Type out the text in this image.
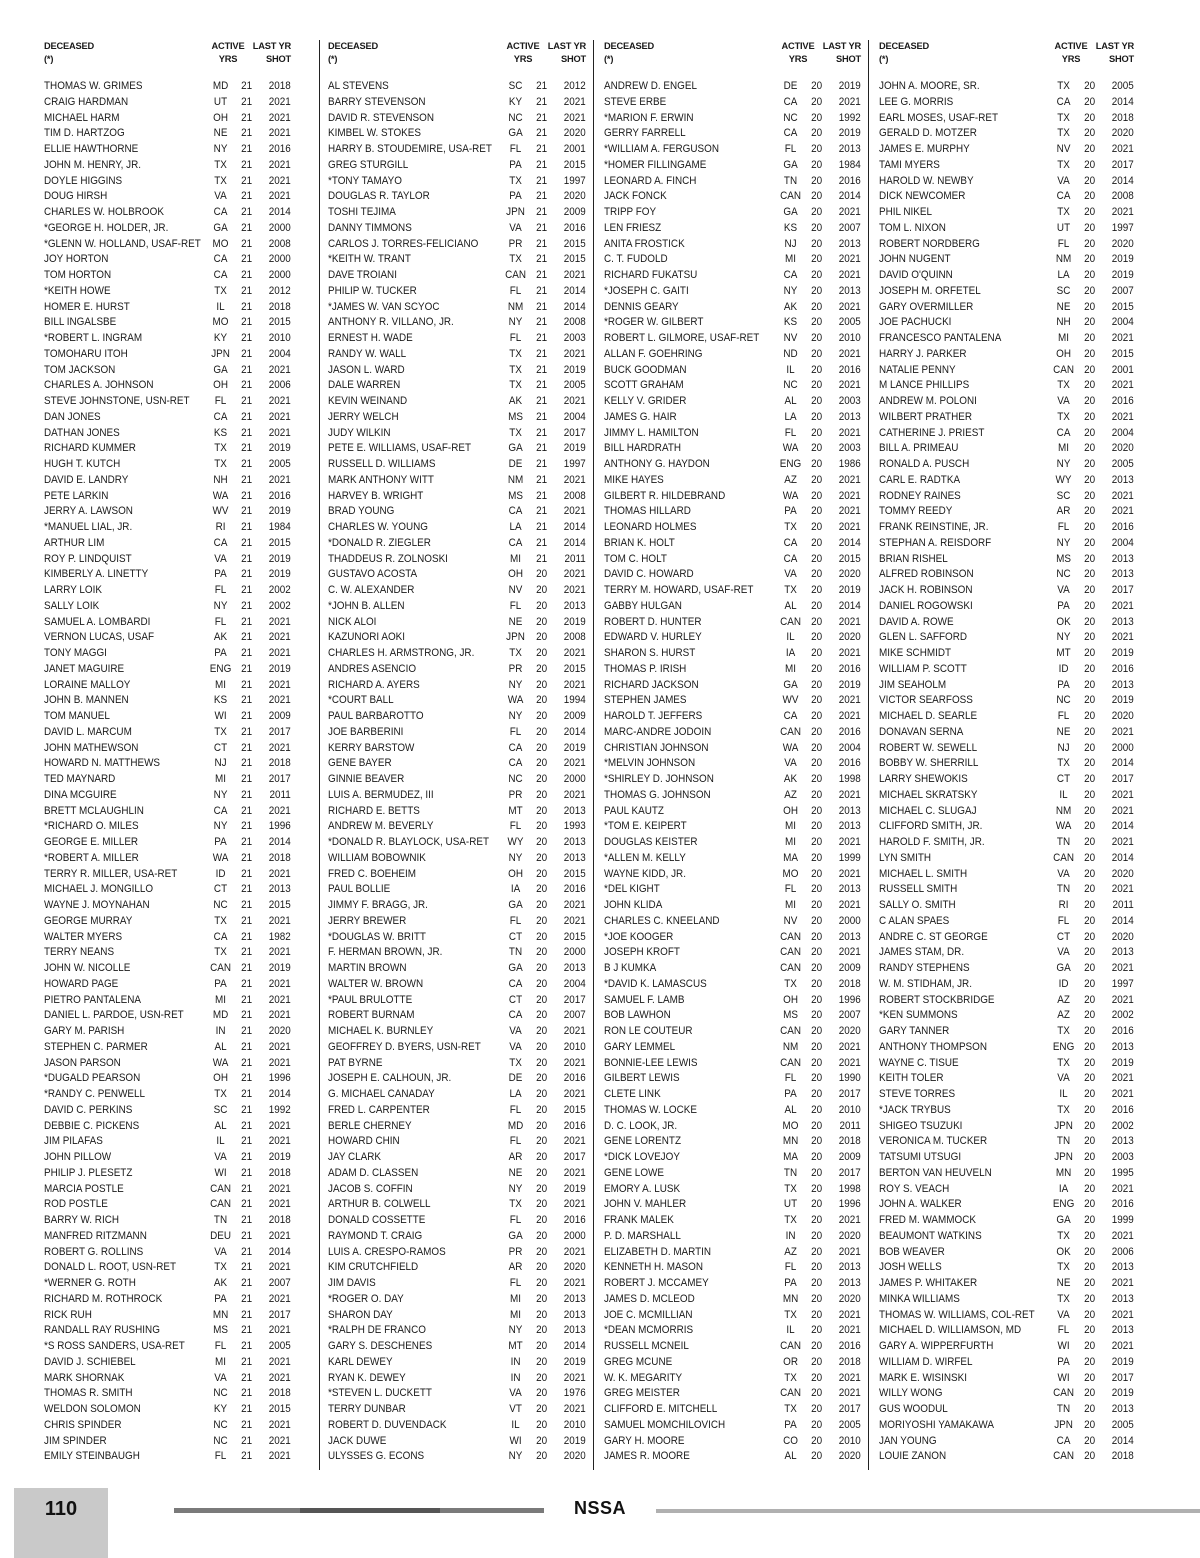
DECEASED
(*)
ACTIVE
YRS
LAST YR
SHOT
THOMAS W. GRIMES	MD	21	2018
CRAIG HARDMAN	UT	21	2021
MICHAEL HARM	OH	21	2021
TIM D. HARTZOG	NE	21	2021
ELLIE HAWTHORNE	NY	21	2016
JOHN M. HENRY, JR.	TX	21	2021
DOYLE HIGGINS	TX	21	2021
DOUG HIRSH	VA	21	2021
CHARLES W. HOLBROOK	CA	21	2014
*GEORGE H. HOLDER, JR.	GA	21	2000
*GLENN W. HOLLAND, USAF-RET	MO	21	2008
JOY HORTON	CA	21	2000
TOM HORTON	CA	21	2000
*KEITH HOWE	TX	21	2012
HOMER E. HURST	IL	21	2018
BILL INGALSBE	MO	21	2015
*ROBERT L. INGRAM	KY	21	2010
TOMOHARU ITOH	JPN	21	2004
TOM JACKSON	GA	21	2021
CHARLES A. JOHNSON	OH	21	2006
STEVE JOHNSTONE, USN-RET	FL	21	2021
DAN JONES	CA	21	2021
DATHAN JONES	KS	21	2021
RICHARD KUMMER	TX	21	2019
HUGH T. KUTCH	TX	21	2005
DAVID E. LANDRY	NH	21	2021
PETE LARKIN	WA	21	2016
JERRY A. LAWSON	WV	21	2019
*MANUEL LIAL, JR.	RI	21	1984
ARTHUR LIM	CA	21	2015
ROY P. LINDQUIST	VA	21	2019
KIMBERLY A. LINETTY	PA	21	2019
LARRY LOIK	FL	21	2002
SALLY LOIK	NY	21	2002
SAMUEL A. LOMBARDI	FL	21	2021
VERNON LUCAS, USAF	AK	21	2021
TONY MAGGI	PA	21	2021
JANET MAGUIRE	ENG 21	2019
LORAINE MALLOY	MI	21	2021
JOHN B. MANNEN	KS	21	2021
TOM MANUEL	WI	21	2009
DAVID L. MARCUM	TX	21	2017
JOHN MATHEWSON	CT	21	2021
HOWARD N. MATTHEWS	NJ	21	2018
TED MAYNARD	MI	21	2017
DINA MCGUIRE	NY	21	2011
BRETT MCLAUGHLIN	CA	21	2021
*RICHARD O. MILES	NY	21	1996
GEORGE E. MILLER	PA	21	2014
*ROBERT A. MILLER	WA	21	2018
TERRY R. MILLER, USA-RET	ID	21	2021
MICHAEL J. MONGILLO	CT	21	2013
WAYNE J. MOYNAHAN	NC	21	2015
GEORGE MURRAY	TX	21	2021
WALTER MYERS	CA	21	1982
TERRY NEANS	TX	21	2021
JOHN W. NICOLLE	CAN 21	2019
HOWARD PAGE	PA	21	2021
PIETRO PANTALENA	MI	21	2021
DANIEL L. PARDOE, USN-RET	MD	21	2021
GARY M. PARISH	IN	21	2020
STEPHEN C. PARMER	AL	21	2021
JASON PARSON	WA	21	2021
*DUGALD PEARSON	OH	21	1996
*RANDY C. PENWELL	TX	21	2014
DAVID C. PERKINS	SC	21	1992
DEBBIE C. PICKENS	AL	21	2021
JIM PILAFAS	IL	21	2021
JOHN PILLOW	VA	21	2019
PHILIP J. PLESETZ	WI	21	2018
MARCIA POSTLE	CAN 21	2021
ROD POSTLE	CAN 21	2021
BARRY W. RICH	TN	21	2018
MANFRED RITZMANN	DEU 21	2021
ROBERT G. ROLLINS	VA	21	2014
DONALD L. ROOT, USN-RET	TX	21	2021
*WERNER G. ROTH	AK	21	2007
RICHARD M. ROTHROCK	PA	21	2021
RICK RUH	MN	21	2017
RANDALL RAY RUSHING	MS	21	2021
*S ROSS SANDERS, USA-RET	FL	21	2005
DAVID J. SCHIEBEL	MI	21	2021
MARK SHORNAK	VA	21	2021
THOMAS R. SMITH	NC	21	2018
WELDON SOLOMON	KY	21	2015
CHRIS SPINDER	NC	21	2021
JIM SPINDER	NC	21	2021
EMILY STEINBAUGH	FL	21	2021
DECEASED
(*)
ACTIVE
YRS
LAST YR
SHOT
AL STEVENS	SC	21	2012
BARRY STEVENSON	KY	21	2021
DAVID R. STEVENSON	NC	21	2021
KIMBEL W. STOKES	GA	21	2020
HARRY B. STOUDEMIRE, USA-RET	FL	21	2001
GREG STURGILL	PA	21	2015
*TONY TAMAYO	TX	21	1997
DOUGLAS R. TAYLOR	PA	21	2020
TOSHI TEJIMA	JPN	21	2009
DANNY TIMMONS	VA	21	2016
CARLOS J. TORRES-FELICIANO	PR	21	2015
*KEITH W. TRANT	TX	21	2015
DAVE TROIANI	CAN 21	2021
PHILIP W. TUCKER	FL	21	2014
*JAMES W. VAN SCYOC	NM	21	2014
ANTHONY R. VILLANO, JR.	NY	21	2008
ERNEST H. WADE	FL	21	2003
RANDY W. WALL	TX	21	2021
JASON L. WARD	TX	21	2019
DALE WARREN	TX	21	2005
KEVIN WEINAND	AK	21	2021
JERRY WELCH	MS	21	2004
JUDY WILKIN	TX	21	2017
PETE E. WILLIAMS, USAF-RET	GA	21	2019
RUSSELL D. WILLIAMS	DE	21	1997
MARK ANTHONY WITT	NM	21	2021
HARVEY B. WRIGHT	MS	21	2008
BRAD YOUNG	CA	21	2021
CHARLES W. YOUNG	LA	21	2014
*DONALD R. ZIEGLER	CA	21	2014
THADDEUS R. ZOLNOSKI	MI	21	2011
GUSTAVO ACOSTA	OH	20	2021
C. W. ALEXANDER	NV	20	2021
*JOHN B. ALLEN	FL	20	2013
NICK ALOI	NE	20	2019
KAZUNORI AOKI	JPN	20	2008
CHARLES H. ARMSTRONG, JR.	TX	20	2021
ANDRES ASENCIO	PR	20	2015
RICHARD A. AYERS	NY	20	2021
*COURT BALL	WA	20	1994
PAUL BARBAROTTO	NY	20	2009
JOE BARBERINI	FL	20	2014
KERRY BARSTOW	CA	20	2019
GENE BAYER	CA	20	2021
GINNIE BEAVER	NC	20	2000
LUIS A. BERMUDEZ, III	PR	20	2021
RICHARD E. BETTS	MT	20	2013
ANDREW M. BEVERLY	FL	20	1993
*DONALD R. BLAYLOCK, USA-RET	WY	20	2013
WILLIAM BOBOWNIK	NY	20	2013
FRED C. BOEHEIM	OH	20	2015
PAUL BOLLIE	IA	20	2016
JIMMY F. BRAGG, JR.	GA	20	2021
JERRY BREWER	FL	20	2021
*DOUGLAS W. BRITT	CT	20	2015
F. HERMAN BROWN, JR.	TN	20	2000
MARTIN BROWN	GA	20	2013
WALTER W. BROWN	CA	20	2004
*PAUL BRULOTTE	CT	20	2017
ROBERT BURNAM	CA	20	2007
MICHAEL K. BURNLEY	VA	20	2021
GEOFFREY D. BYERS, USN-RET	VA	20	2010
PAT BYRNE	TX	20	2021
JOSEPH E. CALHOUN, JR.	DE	20	2016
G. MICHAEL CANADAY	LA	20	2021
FRED L. CARPENTER	FL	20	2015
BERLE CHERNEY	MD	20	2016
HOWARD CHIN	FL	20	2021
JAY CLARK	AR	20	2017
ADAM D. CLASSEN	NE	20	2021
JACOB S. COFFIN	NY	20	2019
ARTHUR B. COLWELL	TX	20	2021
DONALD COSSETTE	FL	20	2016
RAYMOND T. CRAIG	GA	20	2000
LUIS A. CRESPO-RAMOS	PR	20	2021
KIM CRUTCHFIELD	AR	20	2020
JIM DAVIS	FL	20	2021
*ROGER O. DAY	MI	20	2013
SHARON DAY	MI	20	2013
*RALPH DE FRANCO	NY	20	2013
GARY S. DESCHENES	MT	20	2014
KARL DEWEY	IN	20	2019
RYAN K. DEWEY	IN	20	2021
*STEVEN L. DUCKETT	VA	20	1976
TERRY DUNBAR	VT	20	2021
ROBERT D. DUVENDACK	IL	20	2010
JACK DUWE	WI	20	2019
ULYSSES G. ECONS	NY	20	2020
DECEASED
(*)
ACTIVE
YRS
LAST YR
SHOT
ANDREW D. ENGEL	DE	20	2019
STEVE ERBE	CA	20	2021
*MARION F. ERWIN	NC	20	1992
GERRY FARRELL	CA	20	2019
*WILLIAM A. FERGUSON	FL	20	2013
*HOMER FILLINGAME	GA	20	1984
LEONARD A. FINCH	TN	20	2016
JACK FONCK	CAN 20	2014
TRIPP FOY	GA	20	2021
LEN FRIESZ	KS	20	2007
ANITA FROSTICK	NJ	20	2013
C. T. FUDOLD	MI	20	2021
RICHARD FUKATSU	CA	20	2021
*JOSEPH C. GAITI	NY	20	2013
DENNIS GEARY	AK	20	2021
*ROGER W. GILBERT	KS	20	2005
ROBERT L. GILMORE, USAF-RET	NV	20	2010
ALLAN F. GOEHRING	ND	20	2021
BUCK GOODMAN	IL	20	2016
SCOTT GRAHAM	NC	20	2021
KELLY V. GRIDER	AL	20	2003
JAMES G. HAIR	LA	20	2013
JIMMY L. HAMILTON	FL	20	2021
BILL HARDRATH	WA	20	2003
ANTHONY G. HAYDON	ENG 20	1986
MIKE HAYES	AZ	20	2021
GILBERT R. HILDEBRAND	WA	20	2021
THOMAS HILLARD	PA	20	2021
LEONARD HOLMES	TX	20	2021
BRIAN K. HOLT	CA	20	2014
TOM C. HOLT	CA	20	2015
DAVID C. HOWARD	VA	20	2020
TERRY M. HOWARD, USAF-RET	TX	20	2019
GABBY HULGAN	AL	20	2014
ROBERT D. HUNTER	CAN 20	2021
EDWARD V. HURLEY	IL	20	2020
SHARON S. HURST	IA	20	2021
THOMAS P. IRISH	MI	20	2016
RICHARD JACKSON	GA	20	2019
STEPHEN JAMES	WV	20	2021
HAROLD T. JEFFERS	CA	20	2021
MARC-ANDRE JODOIN	CAN 20	2016
CHRISTIAN JOHNSON	WA	20	2004
*MELVIN JOHNSON	VA	20	2016
*SHIRLEY D. JOHNSON	AK	20	1998
THOMAS G. JOHNSON	AZ	20	2021
PAUL KAUTZ	OH	20	2013
*TOM E. KEIPERT	MI	20	2013
DOUGLAS KEISTER	MI	20	2021
*ALLEN M. KELLY	MA	20	1999
WAYNE KIDD, JR.	MO	20	2021
*DEL KIGHT	FL	20	2013
JOHN KLIDA	MI	20	2021
CHARLES C. KNEELAND	NV	20	2000
*JOE KOOGER	CAN 20	2013
JOSEPH KROFT	CAN 20	2021
B J KUMKA	CAN 20	2009
*DAVID K. LAMASCUS	TX	20	2018
SAMUEL F. LAMB	OH	20	1996
BOB LAWHON	MS	20	2007
RON LE COUTEUR	CAN 20	2020
GARY LEMMEL	NM	20	2021
BONNIE-LEE LEWIS	CAN 20	2021
GILBERT LEWIS	FL	20	1990
CLETE LINK	PA	20	2017
THOMAS W. LOCKE	AL	20	2010
D. C. LOOK, JR.	MO	20	2011
GENE LORENTZ	MN	20	2018
*DICK LOVEJOY	MA	20	2009
GENE LOWE	TN	20	2017
EMORY A. LUSK	TX	20	1998
JOHN V. MAHLER	UT	20	1996
FRANK MALEK	TX	20	2021
P. D. MARSHALL	IN	20	2020
ELIZABETH D. MARTIN	AZ	20	2021
KENNETH H. MASON	FL	20	2013
ROBERT J. MCCAMEY	PA	20	2013
JAMES D. MCLEOD	MN	20	2020
JOE C. MCMILLIAN	TX	20	2021
*DEAN MCMORRIS	IL	20	2021
RUSSELL MCNEIL	CAN 20	2016
GREG MCUNE	OR	20	2018
W. K. MEGARITY	TX	20	2021
GREG MEISTER	CAN 20	2021
CLIFFORD E. MITCHELL	TX	20	2017
SAMUEL MOMCHILOVICH	PA	20	2005
GARY H. MOORE	CO	20	2010
JAMES R. MOORE	AL	20	2020
DECEASED
(*)
ACTIVE
YRS
LAST YR
SHOT
JOHN A. MOORE, SR.	TX	20	2005
LEE G. MORRIS	CA	20	2014
EARL MOSES, USAF-RET	TX	20	2018
GERALD D. MOTZER	TX	20	2020
JAMES E. MURPHY	NV	20	2021
TAMI MYERS	TX	20	2017
HAROLD W. NEWBY	VA	20	2014
DICK NEWCOMER	CA	20	2008
PHIL NIKEL	TX	20	2021
TOM L. NIXON	UT	20	1997
ROBERT NORDBERG	FL	20	2020
JOHN NUGENT	NM	20	2019
DAVID O'QUINN	LA	20	2019
JOSEPH M. ORFETEL	SC	20	2007
GARY OVERMILLER	NE	20	2015
JOE PACHUCKI	NH	20	2004
FRANCESCO PANTALENA	MI	20	2021
HARRY J. PARKER	OH	20	2015
NATALIE PENNY	CAN 20	2001
M LANCE PHILLIPS	TX	20	2021
ANDREW M. POLONI	VA	20	2016
WILBERT PRATHER	TX	20	2021
CATHERINE J. PRIEST	CA	20	2004
BILL A. PRIMEAU	MI	20	2020
RONALD A. PUSCH	NY	20	2005
CARL E. RADTKA	WY	20	2013
RODNEY RAINES	SC	20	2021
TOMMY REEDY	AR	20	2021
FRANK REINSTINE, JR.	FL	20	2016
STEPHAN A. REISDORF	NY	20	2004
BRIAN RISHEL	MS	20	2013
ALFRED ROBINSON	NC	20	2013
JACK H. ROBINSON	VA	20	2017
DANIEL ROGOWSKI	PA	20	2021
DAVID A. ROWE	OK	20	2013
GLEN L. SAFFORD	NY	20	2021
MIKE SCHMIDT	MT	20	2019
WILLIAM P. SCOTT	ID	20	2016
JIM SEAHOLM	PA	20	2013
VICTOR SEARFOSS	NC	20	2019
MICHAEL D. SEARLE	FL	20	2020
DONAVAN SERNA	NE	20	2021
ROBERT W. SEWELL	NJ	20	2000
BOBBY W. SHERRILL	TX	20	2014
LARRY SHEWOKIS	CT	20	2017
MICHAEL SKRATSKY	IL	20	2021
MICHAEL C. SLUGAJ	NM	20	2021
CLIFFORD SMITH, JR.	WA	20	2014
HAROLD F. SMITH, JR.	TN	20	2021
LYN SMITH	CAN 20	2014
MICHAEL L. SMITH	VA	20	2020
RUSSELL SMITH	TN	20	2021
SALLY O. SMITH	RI	20	2011
C ALAN SPAES	FL	20	2014
ANDRE C. ST GEORGE	CT	20	2020
JAMES STAM, DR.	VA	20	2013
RANDY STEPHENS	GA	20	2021
W. M. STIDHAM, JR.	ID	20	1997
ROBERT STOCKBRIDGE	AZ	20	2021
*KEN SUMMONS	AZ	20	2002
GARY TANNER	TX	20	2016
ANTHONY THOMPSON	ENG 20	2013
WAYNE C. TISUE	TX	20	2019
KEITH TOLER	VA	20	2021
STEVE TORRES	IL	20	2021
*JACK TRYBUS	TX	20	2016
SHIGEO TSUZUKI	JPN	20	2002
VERONICA M. TUCKER	TN	20	2013
TATSUMI UTSUGI	JPN	20	2003
BERTON VAN HEUVELN	MN	20	1995
ROY S. VEACH	IA	20	2021
JOHN A. WALKER	ENG 20	2016
FRED M. WAMMOCK	GA	20	1999
BEAUMONT WATKINS	TX	20	2021
BOB WEAVER	OK	20	2006
JOSH WELLS	TX	20	2013
JAMES P. WHITAKER	NE	20	2021
MINKA WILLIAMS	TX	20	2013
THOMAS W. WILLIAMS, COL-RET	VA	20	2021
MICHAEL D. WILLIAMSON, MD	FL	20	2013
GARY A. WIPPERFURTH	WI	20	2021
WILLIAM D. WIRFEL	PA	20	2019
MARK E. WISINSKI	WI	20	2017
WILLY WONG	CAN 20	2019
GUS WOODUL	TN	20	2013
MORIYOSHI YAMAKAWA	JPN	20	2005
JAN YOUNG	CA	20	2014
LOUIE ZANON	CAN 20	2018
110	NSSA
